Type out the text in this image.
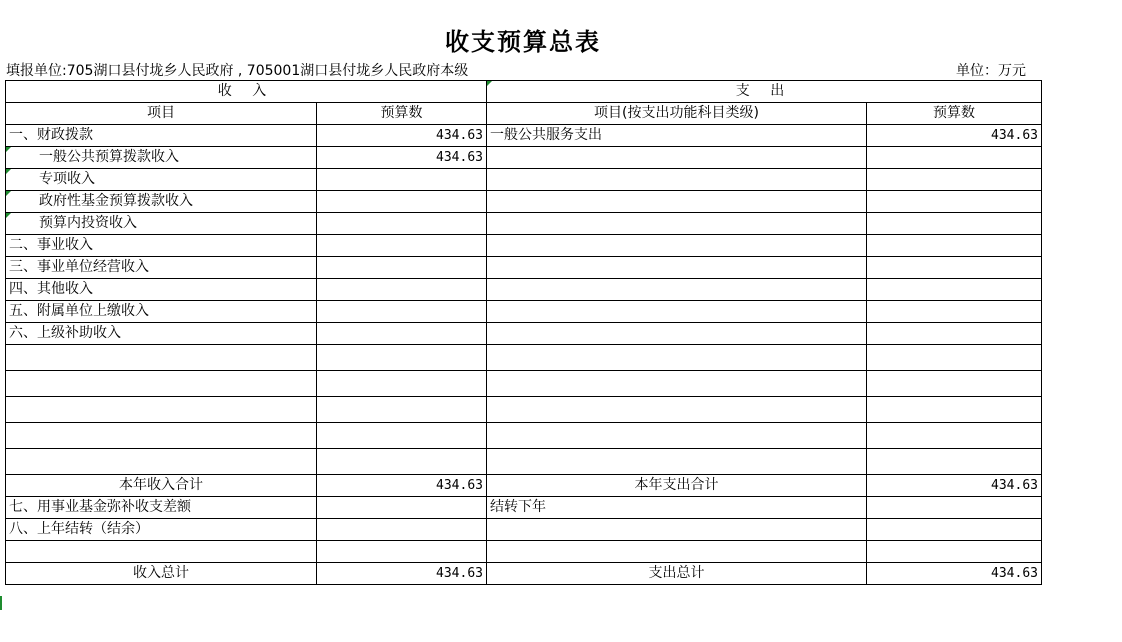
收支预算总表
填报单位:705湖口县付垅乡人民政府 , 705001湖口县付垅乡人民政府本级	单位：万元
收 入		支 出	
项目	预算数	项目(按支出功能科目类级)	预算数
一、财政拨款	434.63	一般公共服务支出	434.63
一般公共预算拨款收入	434.63		
专项收入			
政府性基金预算拨款收入			
预算内投资收入			
二、事业收入			
三、事业单位经营收入			
四、其他收入			
五、附属单位上缴收入			
六、上级补助收入			

本年收入合计	434.63	本年支出合计	434.63
七、用事业基金弥补收支差额		结转下年	
八、上年结转（结余）			

收入总计	434.63	支出总计	434.63
